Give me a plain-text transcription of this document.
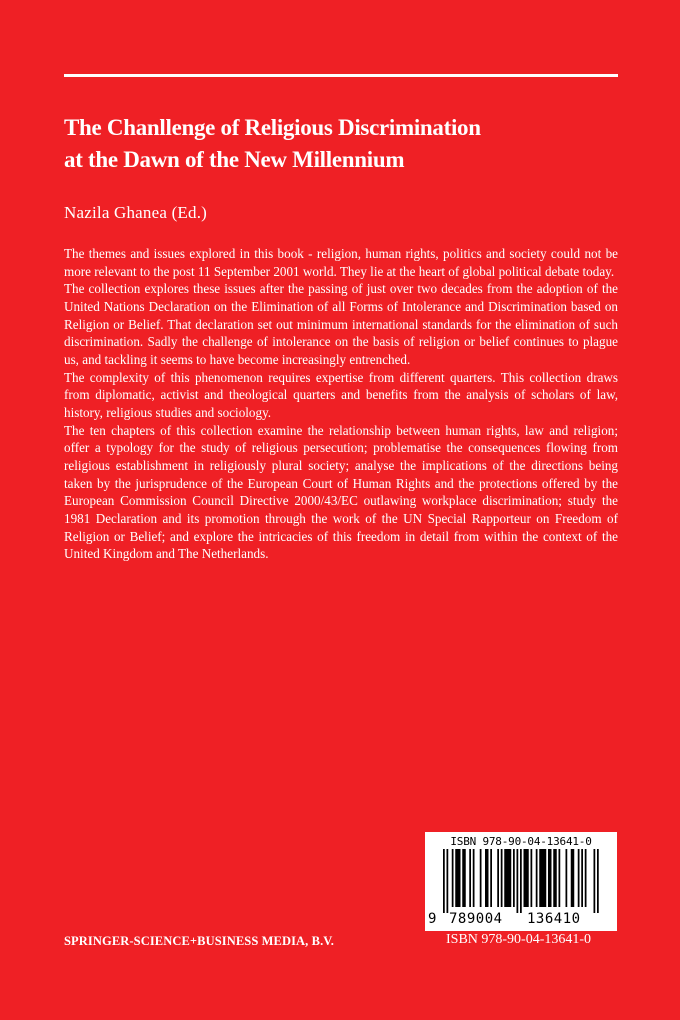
The Chanllenge of Religious Discrimination
at the Dawn of the New Millennium
Nazila Ghanea (Ed.)

The themes and issues explored in this book - religion, human rights, politics and society could not be more relevant to the post 11 September 2001 world. They lie at the heart of global political debate today.

The collection explores these issues after the passing of just over two decades from the adoption of the United Nations Declaration on the Elimination of all Forms of Intolerance and Discrimination based on Religion or Belief. That declaration set out minimum international standards for the elimination of such discrimination. Sadly the challenge of intolerance on the basis of religion or belief continues to plague us, and tackling it seems to have become increasingly entrenched.

The complexity of this phenomenon requires expertise from different quarters. This collection draws from diplomatic, activist and theological quarters and benefits from the analysis of scholars of law, history, religious studies and sociology.

The ten chapters of this collection examine the relationship between human rights, law and religion; offer a typology for the study of religious persecution; problematise the consequences flowing from religious establishment in religiously plural society; analyse the implications of the directions being taken by the jurisprudence of the European Court of Human Rights and the protections offered by the European Commission Council Directive 2000/43/EC outlawing workplace discrimination; study the 1981 Declaration and its promotion through the work of the UN Special Rapporteur on Freedom of Religion or Belief; and explore the intricacies of this freedom in detail from within the context of the United Kingdom and The Netherlands.

ISBN 978-90-04-13641-0
9 789004 136410
SPRINGER-SCIENCE+BUSINESS MEDIA, B.V.	ISBN 978-90-04-13641-0
